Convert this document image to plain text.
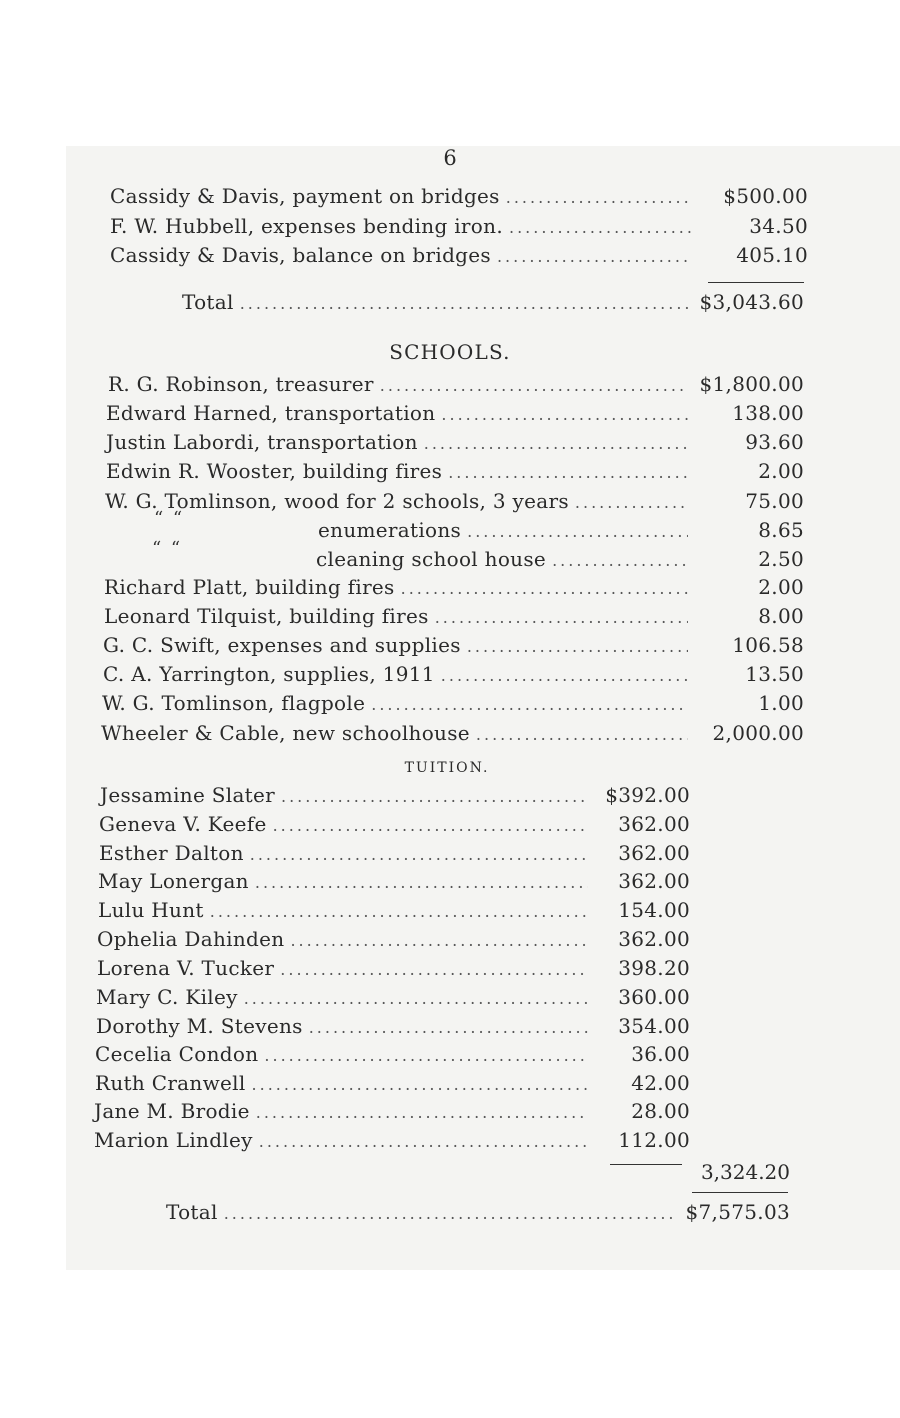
6
Cassidy & Davis, payment on bridges .....	$500.00
F. W. Hubbell, expenses bending iron. .....	34.50
Cassidy & Davis, balance on bridges .....	405.10
Total .....	$3,043.60
SCHOOLS.
R. G. Robinson, treasurer .....	$1,800.00
Edward Harned, transportation .....	138.00
Justin Labordi, transportation .....	93.60
Edwin R. Wooster, building fires .....	2.00
W. G. Tomlinson, wood for 2 schools, 3 years .....	75.00
“ “	enumerations .....	8.65
“ “	cleaning school house .....	2.50
Richard Platt, building fires .....	2.00
Leonard Tilquist, building fires .....	8.00
G. C. Swift, expenses and supplies .....	106.58
C. A. Yarrington, supplies, 1911 .....	13.50
W. G. Tomlinson, flagpole .....	1.00
Wheeler & Cable, new schoolhouse .....	2,000.00
TUITION.
Jessamine Slater .....	$392.00
Geneva V. Keefe .....	362.00
Esther Dalton .....	362.00
May Lonergan .....	362.00
Lulu Hunt .....	154.00
Ophelia Dahinden .....	362.00
Lorena V. Tucker .....	398.20
Mary C. Kiley .....	360.00
Dorothy M. Stevens .....	354.00
Cecelia Condon .....	36.00
Ruth Cranwell .....	42.00
Jane M. Brodie .....	28.00
Marion Lindley .....	112.00
3,324.20
Total .....	$7,575.03
